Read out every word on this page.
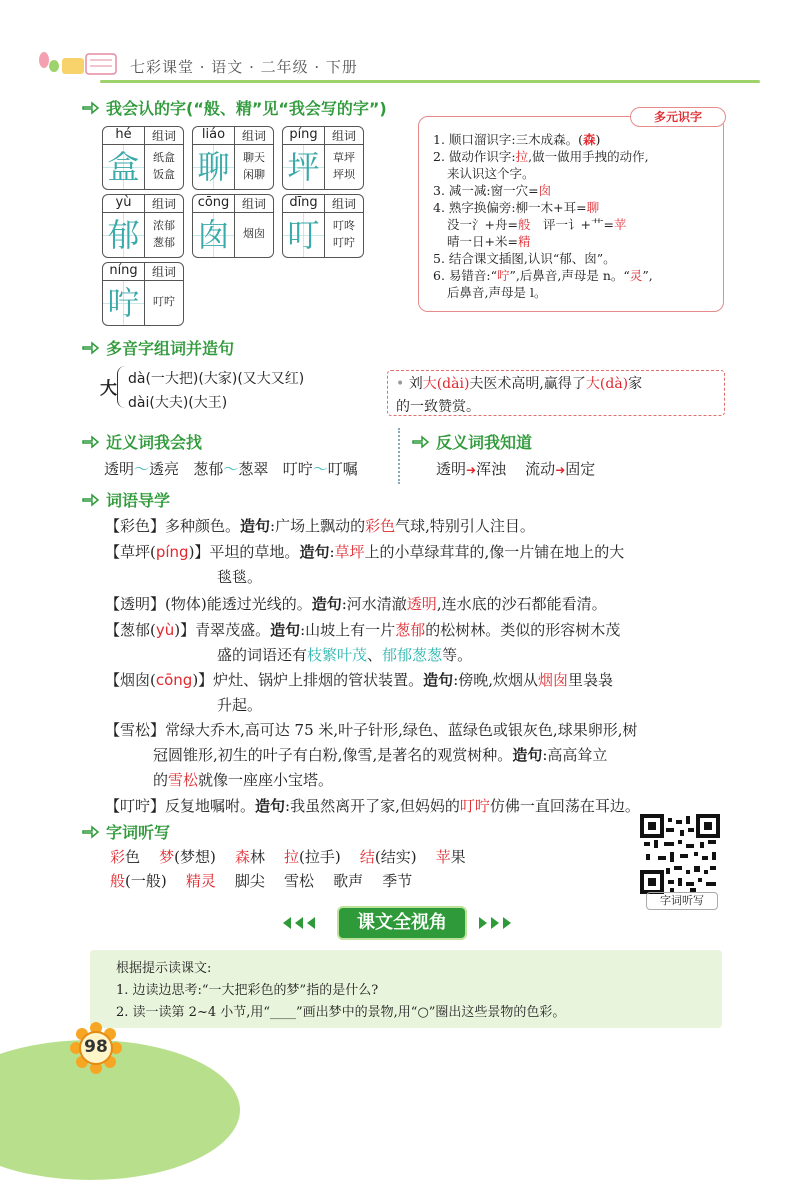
七彩课堂 · 语文 · 二年级 · 下册
我会认的字(“般、精”见“我会写的字”)
hé	组词
盒	纸盒
饭盒
liáo	组词
聊	聊天
闲聊
píng	组词
坪	草坪
坪坝
yù	组词
郁	浓郁
葱郁
cōng	组词
囱	烟囱
dīng	组词
叮	叮咚
叮咛
níng	组词
咛	叮咛
1. 顺口溜识字:三木成森。(森)
2. 做动作识字:拉,做一做用手拽的动作,
来认识这个字。
3. 减一减:窗一穴=囱
4. 熟字换偏旁:柳一木+耳=聊
没一氵+舟=般　评一讠+艹=苹
晴一日+米=精
5. 结合课文插图,认识“郁、囱”。
6. 易错音:“咛”,后鼻音,声母是 n。“灵”,
后鼻音,声母是 l。
多元识字
多音字组词并造句
大 dà(一大把)(大家)(又大又红)
dài(大夫)(大王)
• 刘大(dài)夫医术高明,赢得了大(dà)家
的一致赞赏。
近义词我会找	反义词我知道
透明～透亮 葱郁～葱翠 叮咛～叮嘱	透明➜浑浊 流动➜固定
词语导学
【彩色】多种颜色。造句:广场上飘动的彩色气球,特别引人注目。
【草坪(píng)】平坦的草地。造句:草坪上的小草绿茸茸的,像一片铺在地上的大
毯毯。
【透明】(物体)能透过光线的。造句:河水清澈透明,连水底的沙石都能看清。
【葱郁(yù)】青翠茂盛。造句:山坡上有一片葱郁的松树林。类似的形容树木茂
盛的词语还有枝繁叶茂、郁郁葱葱等。
【烟囱(cōng)】炉灶、锅炉上排烟的管状装置。造句:傍晚,炊烟从烟囱里袅袅
升起。
【雪松】常绿大乔木,高可达 75 米,叶子针形,绿色、蓝绿色或银灰色,球果卵形,树
冠圆锥形,初生的叶子有白粉,像雪,是著名的观赏树种。造句:高高耸立
的雪松就像一座座小宝塔。
【叮咛】反复地嘱咐。造句:我虽然离开了家,但妈妈的叮咛仿佛一直回荡在耳边。
字词听写
彩色 梦(梦想) 森林 拉(拉手) 结(结实) 苹果
般(一般) 精灵 脚尖 雪松 歌声 季节
字词听写
课文全视角
根据提示读课文:
1. 边读边思考:“一大把彩色的梦”指的是什么?
2. 读一读第 2~4 小节,用“____”画出梦中的景物,用“○”圈出这些景物的色彩。
98
